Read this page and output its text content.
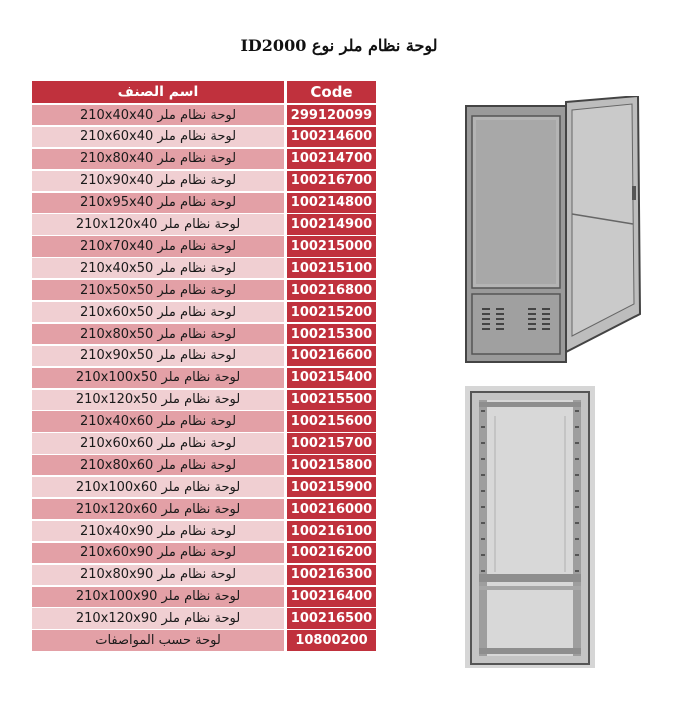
لوحة نظام ملر نوع ID2000
اسم الصنف	Code
لوحة نظام ملر 210x40x40	299120099
لوحة نظام ملر 210x60x40	100214600
لوحة نظام ملر 210x80x40	100214700
لوحة نظام ملر 210x90x40	100216700
لوحة نظام ملر 210x95x40	100214800
لوحة نظام ملر 210x120x40	100214900
لوحة نظام ملر 210x70x40	100215000
لوحة نظام ملر 210x40x50	100215100
لوحة نظام ملر 210x50x50	100216800
لوحة نظام ملر 210x60x50	100215200
لوحة نظام ملر 210x80x50	100215300
لوحة نظام ملر 210x90x50	100216600
لوحة نظام ملر 210x100x50	100215400
لوحة نظام ملر 210x120x50	100215500
لوحة نظام ملر 210x40x60	100215600
لوحة نظام ملر 210x60x60	100215700
لوحة نظام ملر 210x80x60	100215800
لوحة نظام ملر 210x100x60	100215900
لوحة نظام ملر 210x120x60	100216000
لوحة نظام ملر 210x40x90	100216100
لوحة نظام ملر 210x60x90	100216200
لوحة نظام ملر 210x80x90	100216300
لوحة نظام ملر 210x100x90	100216400
لوحة نظام ملر 210x120x90	100216500
لوحة حسب المواصفات	10800200
